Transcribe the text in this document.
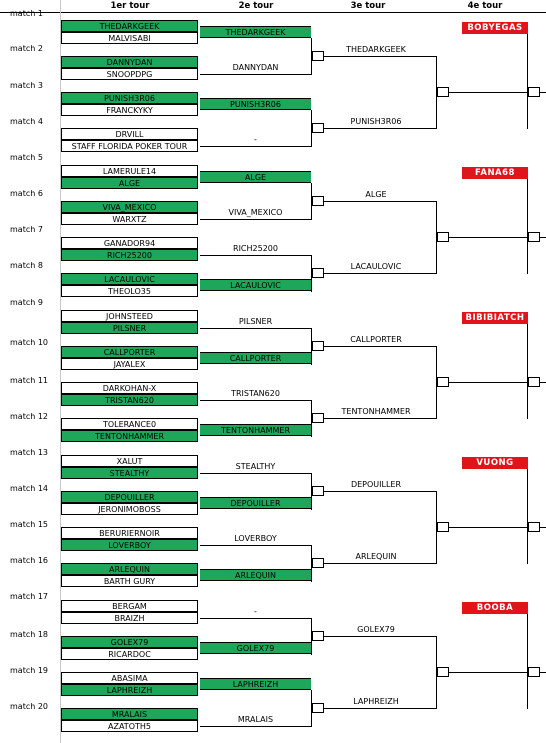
1er tour	2e tour	3e tour	4e tour
match 1
match 2
match 3
match 4
match 5
match 6
match 7
match 8
match 9
match 10
match 11
match 12
match 13
match 14
match 15
match 16
match 17
match 18
match 19
match 20
THEDARKGEEK
MALVISABI
DANNYDAN
SNOOPDPG
PUNISH3R06
FRANCKYKY
DRVILL
STAFF FLORIDA POKER TOUR
LAMERULE14
ALGE
VIVA_MEXICO
WARXTZ
GANADOR94
RICH25200
LACAULOVIC
THEOLO35
JOHNSTEED
PILSNER
CALLPORTER
JAYALEX
DARKOHAN-X
TRISTAN620
TOLERANCE0
TENTONHAMMER
XALUT
STEALTHY
DEPOUILLER
JERONIMOBOSS
BERURIERNOIR
LOVERBOY
ARLEQUIN
BARTH GURY
BERGAM
BRAIZH
GOLEX79
RICARDOC
ABASIMA
LAPHREIZH
MRALAIS
AZATOTH5
THEDARKGEEK
DANNYDAN
PUNISH3R06
-
ALGE
VIVA_MEXICO
RICH25200
LACAULOVIC
PILSNER
CALLPORTER
TRISTAN620
TENTONHAMMER
STEALTHY
DEPOUILLER
LOVERBOY
ARLEQUIN
-
GOLEX79
LAPHREIZH
MRALAIS
THEDARKGEEK
PUNISH3R06
ALGE
LACAULOVIC
CALLPORTER
TENTONHAMMER
DEPOUILLER
ARLEQUIN
GOLEX79
LAPHREIZH
BOBYEGAS
FANA68
BIBIBIATCH
VUONG
BOOBA
